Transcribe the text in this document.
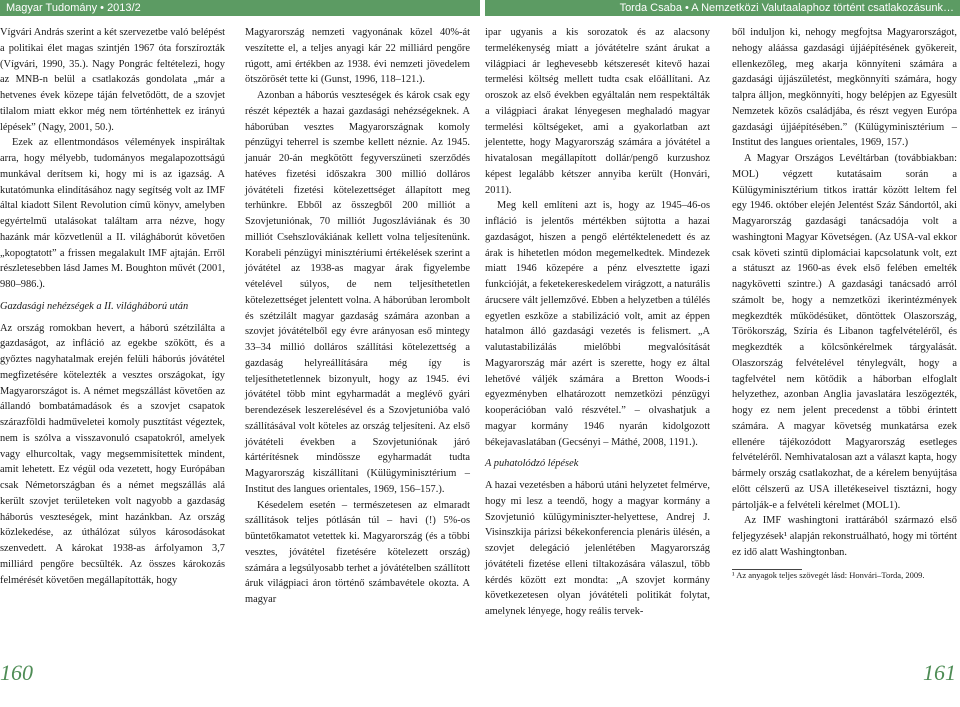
Magyar Tudomány • 2013/2	Torda Csaba • A Nemzetközi Valutaalaphoz történt csatlakozásunk…

Vígvári András szerint a két szervezetbe való belépést a politikai élet magas szintjén 1967 óta forszírozták (Vígvári, 1990, 35.). Nagy Pongrác feltételezi, hogy az MNB-n belül a csatlakozás gondolata „már a hetvenes évek közepe táján felvetődött, de a szovjet tilalom miatt ekkor még nem történhettek ez irányú lépések” (Nagy, 2001, 50.).

Ezek az ellentmondásos vélemények inspiráltak arra, hogy mélyebb, tudományos megalapozottságú munkával derítsem ki, hogy mi is az igazság. A kutatómunka elindításához nagy segítség volt az IMF által kiadott Silent Revolution című könyv, amelyben egyértelmű utalásokat találtam arra nézve, hogy hazánk már közvetlenül a II. világháborút követően „kopogtatott” a frissen megalakult IMF ajtaján. Erről részletesebben lásd James M. Boughton művét (2001, 980–986.).

Gazdasági nehézségek a II. világháború után

Az ország romokban hevert, a háború szétzilálta a gazdaságot, az infláció az egekbe szökött, és a győztes nagyhatalmak erején felüli háborús jóvátétel megfizetésére kötelezték a vesztes országokat, így Magyarországot is. A német megszállást követően az állandó bombatámadások és a szovjet csapatok szárazföldi hadműveletei komoly pusztítást végeztek, nem is szólva a visszavonuló csapatokról, amelyek vagy elhurcoltak, vagy megsemmisítettek mindent, amit lehetett. Ez végül oda vezetett, hogy Európában csak Németországban és a német megszállás alá került szovjet területeken volt nagyobb a gazdaság háborús veszteségek, mint hazánkban. Az ország közlekedése, az úthálózat súlyos károsodásokat szenvedett. A károkat 1938-as árfolyamon 3,7 milliárd pengőre becsülték. Az összes károkozás felmérését követően megállapították, hogy

Magyarország nemzeti vagyonának közel 40%-át veszítette el, a teljes anyagi kár 22 milliárd pengőre rúgott, ami értékben az 1938. évi nemzeti jövedelem ötszörösét tette ki (Gunst, 1996, 118–121.).

Azonban a háborús veszteségek és károk csak egy részét képezték a hazai gazdasági nehézségeknek. A háborúban vesztes Magyarországnak komoly pénzügyi teherrel is szembe kellett néznie. Az 1945. január 20-án megkötött fegyverszüneti szerződés hatéves fizetési időszakra 300 millió dolláros jóvátételi fizetési kötelezettséget állapított meg terhünkre. Ebből az összegből 200 milliót a Szovjetuniónak, 70 milliót Jugoszláviának és 30 milliót Csehszlovákiának kellett volna teljesítenünk. Korabeli pénzügyi minisztériumi értékelések szerint a jóvátétel az 1938-as magyar árak figyelembe vételével súlyos, de nem teljesíthetetlen kötelezettséget jelentett volna. A háborúban lerombolt és szétzilált magyar gazdaság számára azonban a szovjet jóvátételből egy évre arányosan eső mintegy 33–34 millió dolláros szállítási kötelezettség a gazdaság helyreállítására még így is teljesíthetetlennek bizonyult, hogy az 1945. évi jóvátétel több mint egyharmadát a meglévő gyári berendezések leszerelésével és a Szovjetunióba való szállításával volt köteles az ország teljesíteni. Az első jóvátételi években a Szovjetuniónak járó kártérítésnek mindössze egyharmadát tudta Magyarország kiszállítani (Külügyminisztérium – Institut des langues orientales, 1969, 156–157.).

Késedelem esetén – természetesen az elmaradt szállítások teljes pótlásán túl – havi (!) 5%-os büntetőkamatot vetettek ki. Magyarország (és a többi vesztes, jóvátétel fizetésére kötelezett ország) számára a legsúlyosabb terhet a jóvátételben szállított áruk világpiaci áron történő számbavétele okozta. A magyar

ipar ugyanis a kis sorozatok és az alacsony termelékenység miatt a jóvátételre szánt árukat a világpiaci ár leghevesebb kétszeresét kitevő hazai termelési költség mellett tudta csak előállítani. Az oroszok az első években egyáltalán nem respektálták a világpiaci árakat lényegesen meghaladó magyar termelési költségeket, ami a gyakorlatban azt jelentette, hogy Magyarország számára a jóvátétel a hivatalosan megállapított dollár/pengő kurzushoz képest legalább kétszer annyiba került (Honvári, 2011).

Meg kell említeni azt is, hogy az 1945–46-os infláció is jelentős mértékben sújtotta a hazai gazdaságot, hiszen a pengő elértéktelenedett és az árak is hihetetlen módon megemelkedtek. Mindezek miatt 1946 közepére a pénz elvesztette igazi funkcióját, a feketekereskedelem virágzott, a naturális árucsere vált jellemzővé. Ebben a helyzetben a túlélés egyetlen eszköze a stabilizáció volt, amit az éppen hatalmon álló gazdasági vezetés is felismert. „A valutastabilizálás mielőbbi megvalósítását Magyarország már azért is szerette, hogy ez által lehetővé váljék számára a Bretton Woods-i egyezményben elhatározott nemzetközi pénzügyi kooperációban való részvétel.” – olvashatjuk a magyar kormány 1946 nyarán kidolgozott békejavaslatában (Gecsényi – Máthé, 2008, 1191.).

A puhatolódzó lépések

A hazai vezetésben a háború utáni helyzetet felmérve, hogy mi lesz a teendő, hogy a magyar kormány a Szovjetunió külügyminiszter-helyettese, Andrej J. Visinszkija párizsi békekonferencia plenáris ülésén, a szovjet delegáció jelenlétében Magyarország jóvátételi fizetése elleni tiltakozására válaszul, több kérdés között ezt mondta: „A szovjet kormány következetesen olyan jóvátételi politikát folytat, amelynek lényege, hogy reális tervek-

ből induljon ki, nehogy megfojtsa Magyarországot, nehogy aláássa gazdasági újjáépítésének gyökereit, ellenkezőleg, meg akarja könnyíteni számára a gazdasági újjászületést, megkönnyíti számára, hogy talpra álljon, megkönnyíti, hogy belépjen az Egyesült Nemzetek közös családjába, és részt vegyen Európa gazdasági újjáépítésében.” (Külügyminisztérium – Institut des langues orientales, 1969, 157.)

A Magyar Országos Levéltárban (továbbiakban: MOL) végzett kutatásaim során a Külügyminisztérium titkos irattár között leltem fel egy 1946. október elején Jelentést Száz Sándortól, aki Magyarország gazdasági tanácsadója volt a washingtoni Magyar Követségen. (Az USA-val ekkor csak követi szintű diplomáciai kapcsolatunk volt, ezt a státuszt az 1960-as évek első felében emelték nagykövetti szintre.) A gazdasági tanácsadó arról számolt be, hogy a nemzetközi ikerintézmények megkezdték működésüket, döntöttek Olaszország, Törökország, Szíria és Libanon tagfelvételéről, és megkezdték a kölcsönkérelmek tárgyalását. Olaszország felvételével ténylegvált, hogy a tagfelvétel nem kötődik a háborban elfoglalt helyzethez, azonban Anglia javaslatára leszögezték, hogy ez nem jelent precedenst a többi érintett számára. A magyar követség munkatársa ezek ellenére tájékozódott Magyarország esetleges felvételéről. Nemhivatalosan azt a választ kapta, hogy bármely ország csatlakozhat, de a kérelem benyújtása előtt célszerű az USA illetékeseivel tisztázni, hogy pártolják-e a felvételi kérelmet (MOL1).

Az IMF washingtoni irattárából származó első feljegyzések¹ alapján rekonstruálható, hogy mi történt ez idő alatt Washingtonban.

¹ Az anyagok teljes szövegét lásd: Honvári–Torda, 2009.

160	161
